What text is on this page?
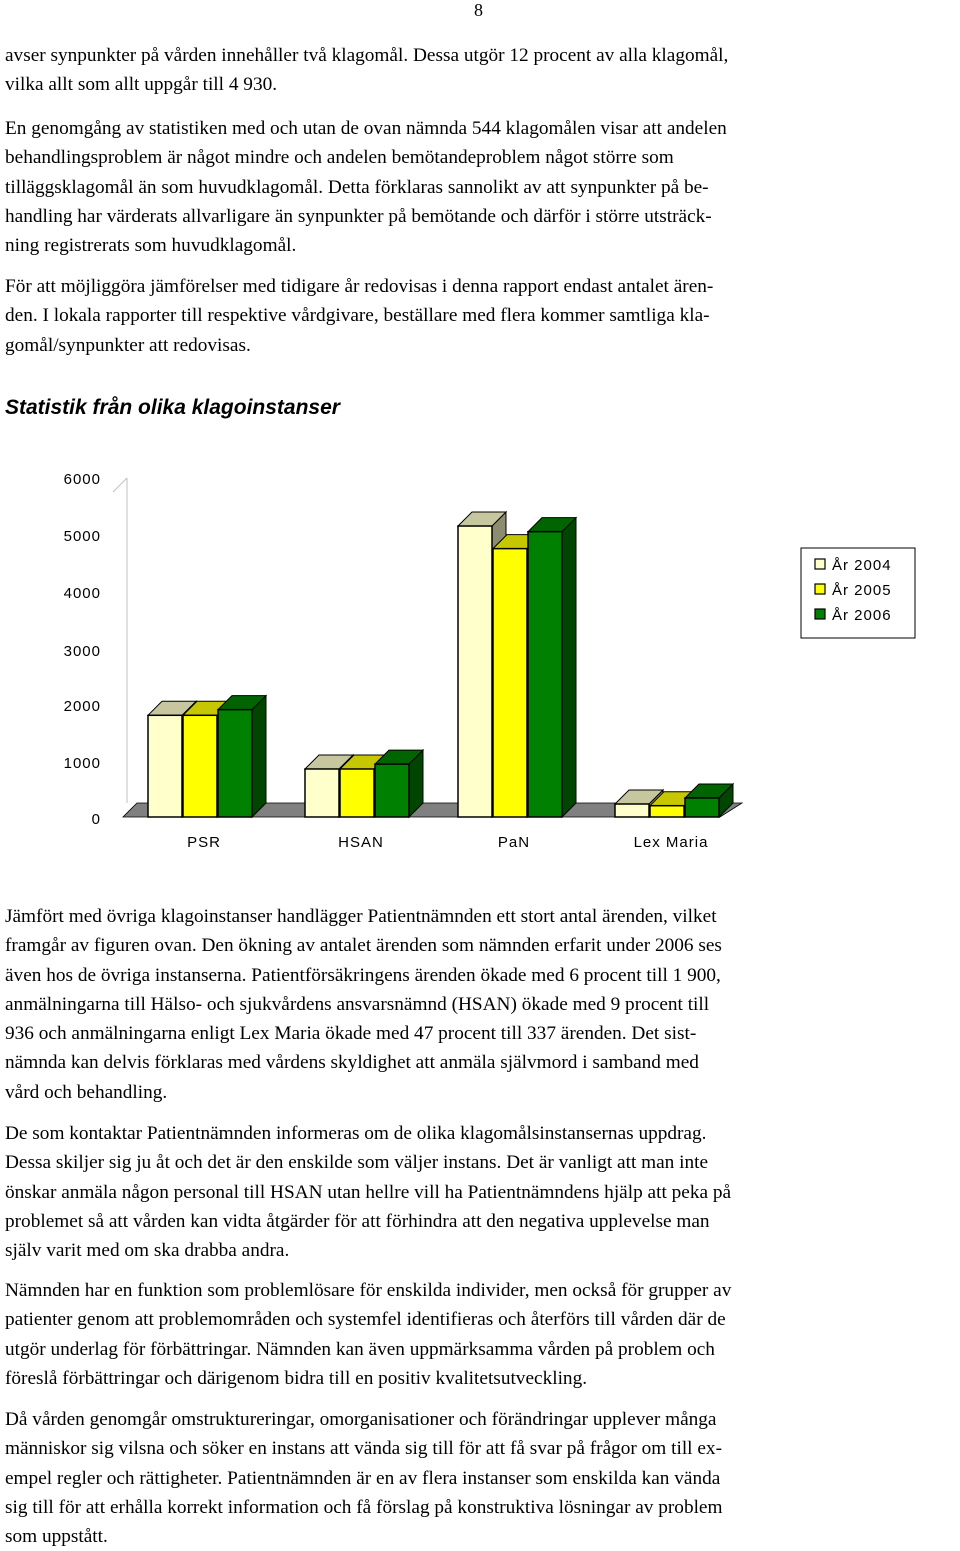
8
avser synpunkter på vården innehåller två klagomål. Dessa utgör 12 procent av alla klagomål,
vilka allt som allt uppgår till 4 930.
En genomgång av statistiken med och utan de ovan nämnda 544 klagomålen visar att andelen
behandlingsproblem är något mindre och andelen bemötandeproblem något större som
tilläggsklagomål än som huvudklagomål. Detta förklaras sannolikt av att synpunkter på be-
handling har värderats allvarligare än synpunkter på bemötande och därför i större utsträck-
ning registrerats som huvudklagomål.
För att möjliggöra jämförelser med tidigare år redovisas i denna rapport endast antalet ären-
den. I lokala rapporter till respektive vårdgivare, beställare med flera kommer samtliga kla-
gomål/synpunkter att redovisas.
Statistik från olika klagoinstanser
6000
5000
4000
3000
2000
1000
0
PSR	HSAN	PaN	Lex Maria
År 2004
År 2005
År 2006
Jämfört med övriga klagoinstanser handlägger Patientnämnden ett stort antal ärenden, vilket
framgår av figuren ovan. Den ökning av antalet ärenden som nämnden erfarit under 2006 ses
även hos de övriga instanserna. Patientförsäkringens ärenden ökade med 6 procent till 1 900,
anmälningarna till Hälso- och sjukvårdens ansvarsnämnd (HSAN) ökade med 9 procent till
936 och anmälningarna enligt Lex Maria ökade med 47 procent till 337 ärenden. Det sist-
nämnda kan delvis förklaras med vårdens skyldighet att anmäla självmord i samband med
vård och behandling.
De som kontaktar Patientnämnden informeras om de olika klagomålsinstansernas uppdrag.
Dessa skiljer sig ju åt och det är den enskilde som väljer instans. Det är vanligt att man inte
önskar anmäla någon personal till HSAN utan hellre vill ha Patientnämndens hjälp att peka på
problemet så att vården kan vidta åtgärder för att förhindra att den negativa upplevelse man
själv varit med om ska drabba andra.
Nämnden har en funktion som problemlösare för enskilda individer, men också för grupper av
patienter genom att problemområden och systemfel identifieras och återförs till vården där de
utgör underlag för förbättringar. Nämnden kan även uppmärksamma vården på problem och
föreslå förbättringar och därigenom bidra till en positiv kvalitetsutveckling.
Då vården genomgår omstruktureringar, omorganisationer och förändringar upplever många
människor sig vilsna och söker en instans att vända sig till för att få svar på frågor om till ex-
empel regler och rättigheter. Patientnämnden är en av flera instanser som enskilda kan vända
sig till för att erhålla korrekt information och få förslag på konstruktiva lösningar av problem
som uppstått.
